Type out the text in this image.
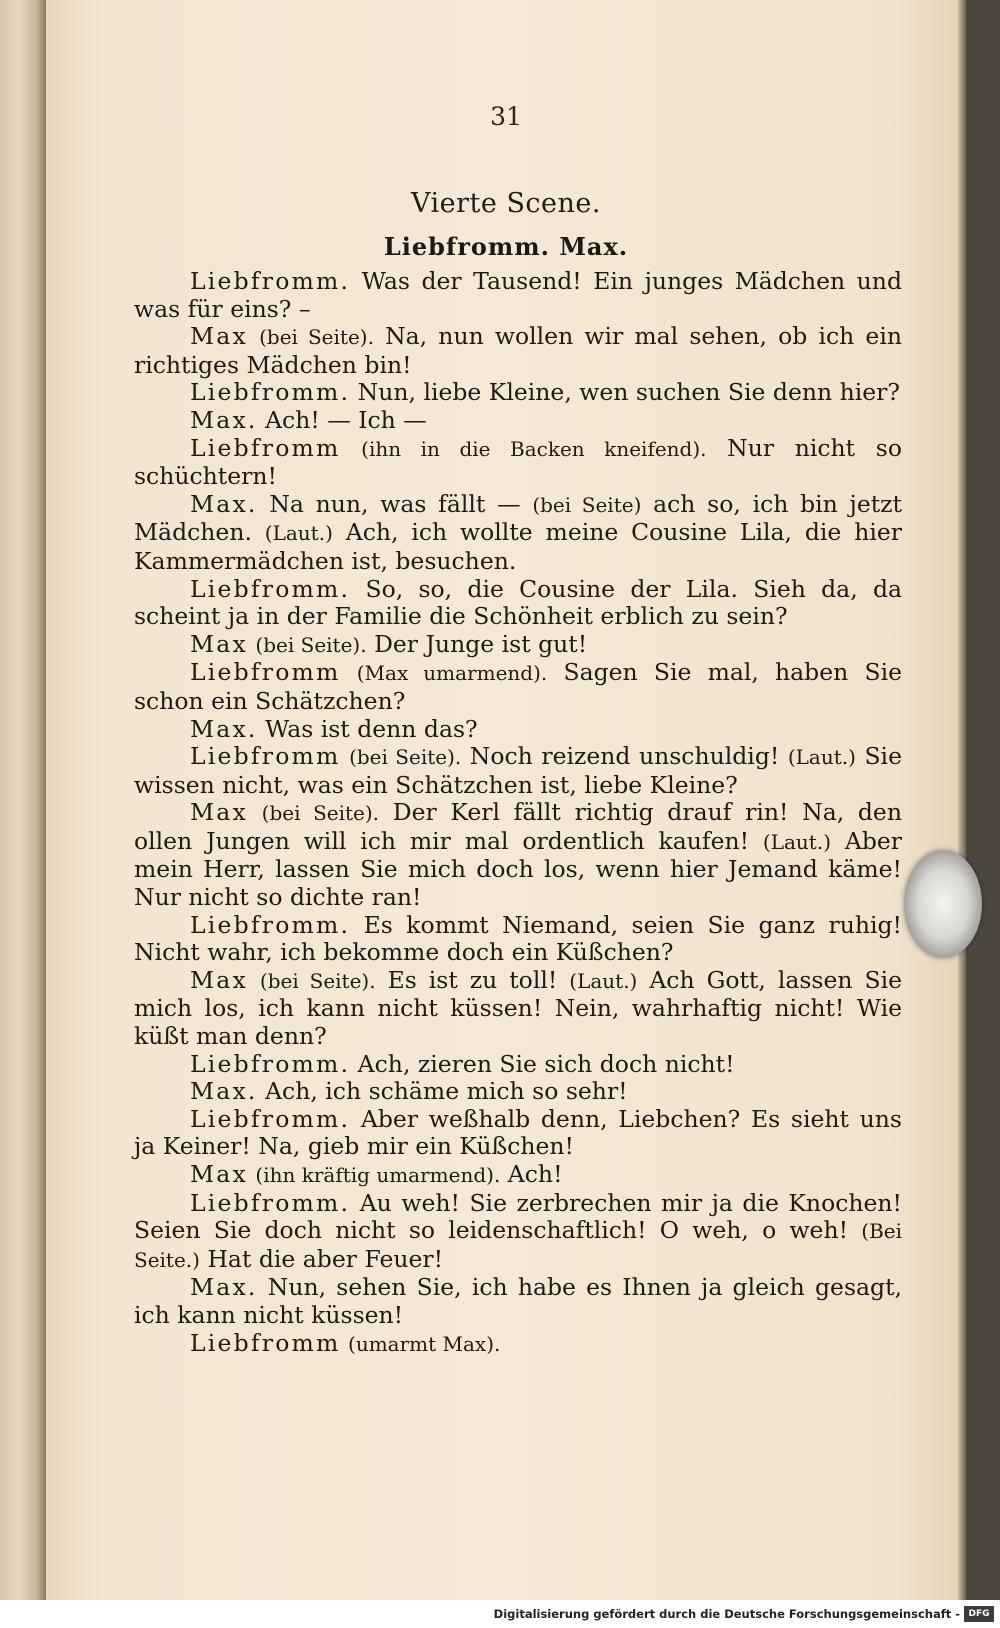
31
Vierte Scene.
Liebfromm. Max.

Liebfromm. Was der Tausend! Ein junges Mädchen und was für eins? –

Max (bei Seite). Na, nun wollen wir mal sehen, ob ich ein richtiges Mädchen bin!

Liebfromm. Nun, liebe Kleine, wen suchen Sie denn hier?

Max. Ach! — Ich —

Liebfromm (ihn in die Backen kneifend). Nur nicht so schüchtern!

Max. Na nun, was fällt — (bei Seite) ach so, ich bin jetzt Mädchen. (Laut.) Ach, ich wollte meine Cousine Lila, die hier Kammermädchen ist, besuchen.

Liebfromm. So, so, die Cousine der Lila. Sieh da, da scheint ja in der Familie die Schönheit erblich zu sein?

Max (bei Seite). Der Junge ist gut!

Liebfromm (Max umarmend). Sagen Sie mal, haben Sie schon ein Schätzchen?

Max. Was ist denn das?

Liebfromm (bei Seite). Noch reizend unschuldig! (Laut.) Sie wissen nicht, was ein Schätzchen ist, liebe Kleine?

Max (bei Seite). Der Kerl fällt richtig drauf rin! Na, den ollen Jungen will ich mir mal ordentlich kaufen! (Laut.) Aber mein Herr, lassen Sie mich doch los, wenn hier Jemand käme! Nur nicht so dichte ran!

Liebfromm. Es kommt Niemand, seien Sie ganz ruhig! Nicht wahr, ich bekomme doch ein Küßchen?

Max (bei Seite). Es ist zu toll! (Laut.) Ach Gott, lassen Sie mich los, ich kann nicht küssen! Nein, wahrhaftig nicht! Wie küßt man denn?

Liebfromm. Ach, zieren Sie sich doch nicht!

Max. Ach, ich schäme mich so sehr!

Liebfromm. Aber weßhalb denn, Liebchen? Es sieht uns ja Keiner! Na, gieb mir ein Küßchen!

Max (ihn kräftig umarmend). Ach!

Liebfromm. Au weh! Sie zerbrechen mir ja die Knochen! Seien Sie doch nicht so leidenschaftlich! O weh, o weh! (Bei Seite.) Hat die aber Feuer!

Max. Nun, sehen Sie, ich habe es Ihnen ja gleich gesagt, ich kann nicht küssen!

Liebfromm (umarmt Max).

Digitalisierung gefördert durch die Deutsche Forschungsgemeinschaft - DFG
